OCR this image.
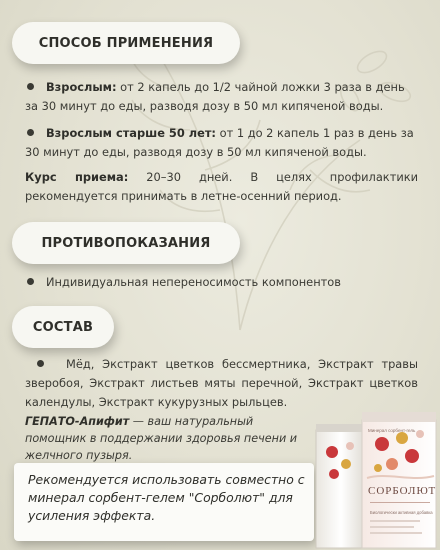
СПОСОБ ПРИМЕНЕНИЯ
Взрослым: от 2 капель до 1/2 чайной ложки 3 раза в день за 30 минут до еды, разводя дозу в 50 мл кипяченой воды.
Взрослым старше 50 лет: от 1 до 2 капель 1 раз в день за 30 минут до еды, разводя дозу в 50 мл кипяченой воды.
Курс приема: 20–30 дней. В целях профилактики рекомендуется принимать в летне-осенний период.
ПРОТИВОПОКАЗАНИЯ
Индивидуальная непереносимость компонентов
СОСТАВ
Мёд, Экстракт цветков бессмертника, Экстракт травы зверобоя, Экстракт листьев мяты перечной, Экстракт цветков календулы, Экстракт кукурузных рыльцев.
ГЕПАТО-Апифит — ваш натуральный помощник в поддержании здоровья печени и желчного пузыря.
Рекомендуется использовать совместно с минерал сорбент-гелем "Сорболют" для усиления эффекта.
Минерал сорбент-гель
СОРБОЛЮТ
Биологически активная добавка
